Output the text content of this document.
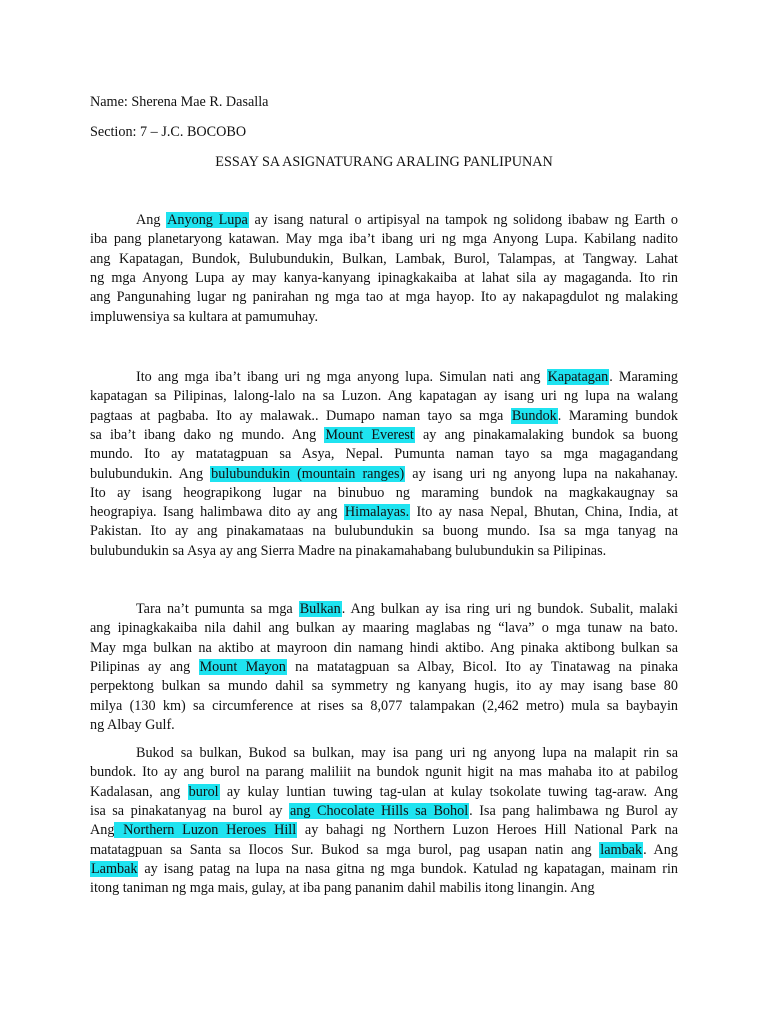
Name: Sherena Mae R. Dasalla
Section: 7 – J.C. BOCOBO
ESSAY SA ASIGNATURANG ARALING PANLIPUNAN
Ang Anyong Lupa ay isang natural o artipisyal na tampok ng solidong ibabaw ng Earth o
iba pang planetaryong katawan. May mga iba’t ibang uri ng mga Anyong Lupa. Kabilang nadito
ang Kapatagan, Bundok, Bulubundukin, Bulkan, Lambak, Burol, Talampas, at Tangway. Lahat
ng mga Anyong Lupa ay may kanya-kanyang ipinagkakaiba at lahat sila ay magaganda. Ito rin
ang Pangunahing lugar ng panirahan ng mga tao at mga hayop. Ito ay nakapagdulot ng malaking
impluwensiya sa kultara at pamumuhay.
Ito ang mga iba’t ibang uri ng mga anyong lupa. Simulan nati ang Kapatagan. Maraming
kapatagan sa Pilipinas, lalong-lalo na sa Luzon. Ang kapatagan ay isang uri ng lupa na walang
pagtaas at pagbaba. Ito ay malawak.. Dumapo naman tayo sa mga Bundok. Maraming bundok
sa iba’t ibang dako ng mundo. Ang Mount Everest ay ang pinakamalaking bundok sa buong
mundo. Ito ay matatagpuan sa Asya, Nepal. Pumunta naman tayo sa mga magagandang
bulubundukin. Ang bulubundukin (mountain ranges) ay isang uri ng anyong lupa na nakahanay.
Ito ay isang heograpikong lugar na binubuo ng maraming bundok na magkakaugnay sa
heograpiya. Isang halimbawa dito ay ang Himalayas. Ito ay nasa Nepal, Bhutan, China, India, at
Pakistan. Ito ay ang pinakamataas na bulubundukin sa buong mundo. Isa sa mga tanyag na
bulubundukin sa Asya ay ang Sierra Madre na pinakamahabang bulubundukin sa Pilipinas.
Tara na’t pumunta sa mga Bulkan. Ang bulkan ay isa ring uri ng bundok. Subalit, malaki
ang ipinagkakaiba nila dahil ang bulkan ay maaring maglabas ng “lava” o mga tunaw na bato.
May mga bulkan na aktibo at mayroon din namang hindi aktibo. Ang pinaka aktibong bulkan sa
Pilipinas ay ang Mount Mayon na matatagpuan sa Albay, Bicol. Ito ay Tinatawag na pinaka
perpektong bulkan sa mundo dahil sa symmetry ng kanyang hugis, ito ay may isang base 80
milya (130 km) sa circumference at rises sa 8,077 talampakan (2,462 metro) mula sa baybayin
ng Albay Gulf.
Bukod sa bulkan, Bukod sa bulkan, may isa pang uri ng anyong lupa na malapit rin sa
bundok. Ito ay ang burol na parang maliliit na bundok ngunit higit na mas mahaba ito at pabilog
Kadalasan, ang burol ay kulay luntian tuwing tag-ulan at kulay tsokolate tuwing tag-araw. Ang
isa sa pinakatanyag na burol ay ang Chocolate Hills sa Bohol. Isa pang halimbawa ng Burol ay
Ang Northern Luzon Heroes Hill ay bahagi ng Northern Luzon Heroes Hill National Park na
matatagpuan sa Santa sa Ilocos Sur. Bukod sa mga burol, pag usapan natin ang lambak. Ang
Lambak ay isang patag na lupa na nasa gitna ng mga bundok. Katulad ng kapatagan, mainam rin
itong taniman ng mga mais, gulay, at iba pang pananim dahil mabilis itong linangin. Ang
